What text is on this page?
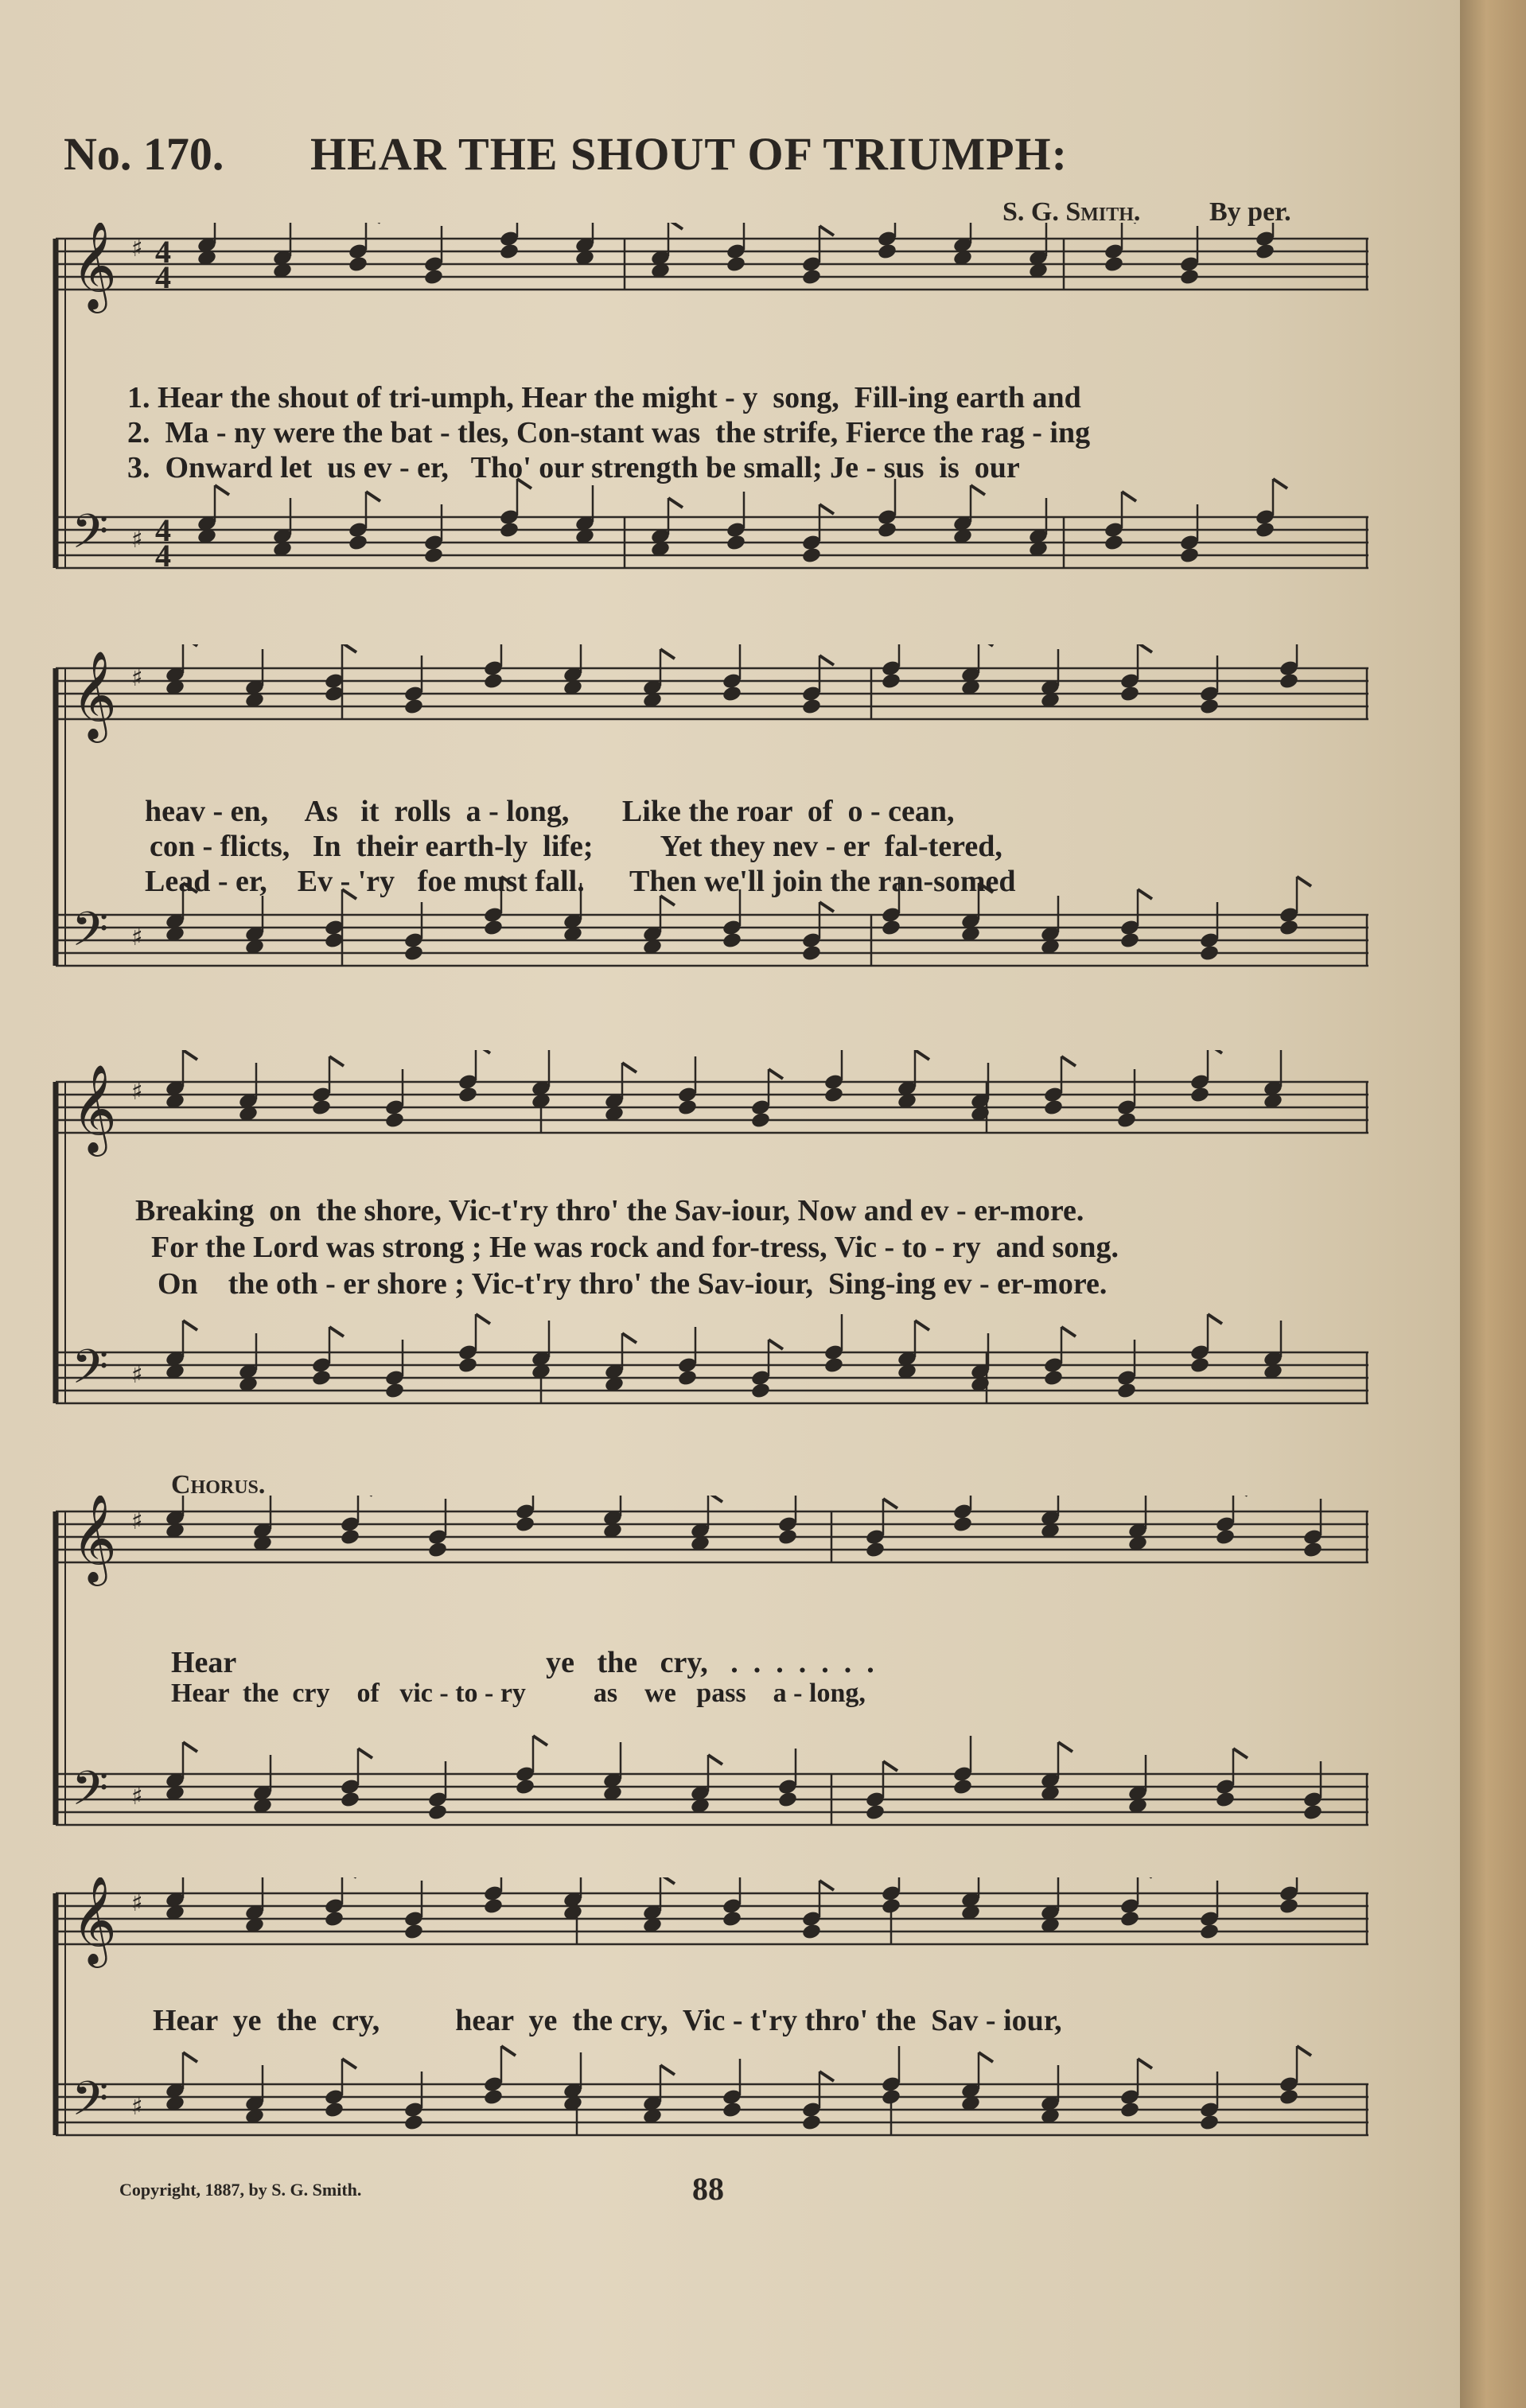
No. 170. HEAR THE SHOUT OF TRIUMPH:
S. G. Smith.	By per.
𝄞
𝄢
♯
♯
4
4
4
4
1. Hear the shout of tri-umph, Hear the might - y  song,  Fill-ing earth and
2.  Ma - ny were the bat - tles, Con-stant was  the strife, Fierce the rag - ing
3.  Onward let  us ev - er,   Tho' our strength be small; Je - sus  is  our
𝄞
𝄢
♯
♯
heav - en,     As   it  rolls  a - long,       Like the roar  of  o - cean,
con - flicts,   In  their earth-ly  life;         Yet they nev - er  fal-tered,
Lead - er,    Ev - 'ry   foe must fall.      Then we'll join the ran-somed
𝄞
𝄢
♯
♯
Breaking  on  the shore, Vic-t'ry thro' the Sav-iour, Now and ev - er-more.
For the Lord was strong ; He was rock and for-tress, Vic - to - ry  and song.
On    the oth - er shore ; Vic-t'ry thro' the Sav-iour,  Sing-ing ev - er-more.
Chorus.
𝄞
𝄢
♯
♯
Hear                                         ye   the   cry,   .  .  .  .  .  .  .
Hear  the  cry    of   vic - to - ry          as    we   pass    a - long,
𝄞
𝄢
♯
♯
Hear  ye  the  cry,          hear  ye  the cry,  Vic - t'ry thro' the  Sav - iour,
Copyright, 1887, by S. G. Smith.	88
